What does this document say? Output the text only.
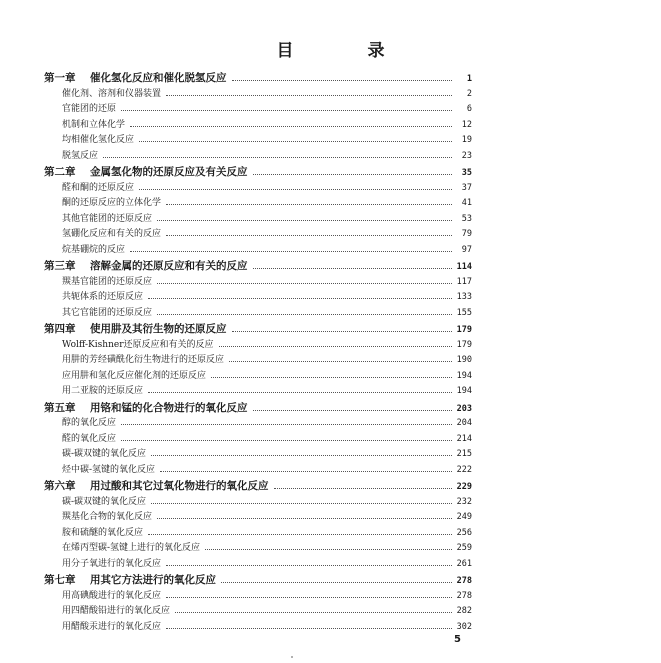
目 录
第一章 催化氢化反应和催化脱氢反应	1
催化剂、溶剂和仪器装置	2
官能团的还原	6
机制和立体化学	12
均相催化氢化反应	19
脱氢反应	23
第二章 金属氢化物的还原反应及有关反应	35
醛和酮的还原反应	37
酮的还原反应的立体化学	41
其他官能团的还原反应	53
氢硼化反应和有关的反应	79
烷基硼烷的反应	97
第三章 溶解金属的还原反应和有关的反应	114
羰基官能团的还原反应	117
共轭体系的还原反应	133
其它官能团的还原反应	155
第四章 使用肼及其衍生物的还原反应	179
Wolff-Kishner还原反应和有关的反应	179
用肼的芳经磺酰化衍生物进行的还原反应	190
应用肼和氢化反应催化剂的还原反应	194
用二亚胺的还原反应	194
第五章 用铬和锰的化合物进行的氧化反应	203
醇的氧化反应	204
醛的氧化反应	214
碳-碳双键的氧化反应	215
烃中碳-氢键的氧化反应	222
第六章 用过酸和其它过氧化物进行的氧化反应	229
碳-碳双键的氧化反应	232
羰基化合物的氧化反应	249
胺和硫醚的氧化反应	256
在烯丙型碳-氢键上进行的氧化反应	259
用分子氧进行的氧化反应	261
第七章 用其它方法进行的氧化反应	278
用高碘酸进行的氧化反应	278
用四醋酸铅进行的氧化反应	282
用醋酸汞进行的氧化反应	302
5
